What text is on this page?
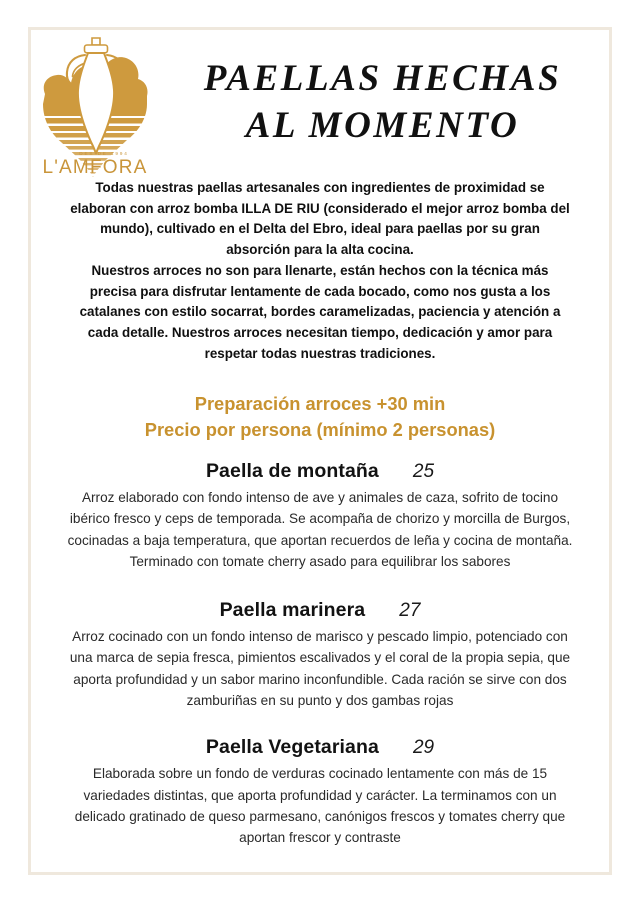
DES DE 1994
L'AMFORA
PAELLAS HECHAS
AL MOMENTO

Todas nuestras paellas artesanales con ingredientes de proximidad se elaboran con arroz bomba ILLA DE RIU (considerado el mejor arroz bomba del mundo), cultivado en el Delta del Ebro, ideal para paellas por su gran absorción para la alta cocina.

Nuestros arroces no son para llenarte, están hechos con la técnica más precisa para disfrutar lentamente de cada bocado, como nos gusta a los catalanes con estilo socarrat, bordes caramelizadas, paciencia y atención a cada detalle. Nuestros arroces necesitan tiempo, dedicación y amor para respetar todas nuestras tradiciones.

Preparación arroces +30 min
Precio por persona (mínimo 2 personas)
Paella de montaña 25
Arroz elaborado con fondo intenso de ave y animales de caza, sofrito de tocino ibérico fresco y ceps de temporada. Se acompaña de chorizo y morcilla de Burgos, cocinadas a baja temperatura, que aportan recuerdos de leña y cocina de montaña. Terminado con tomate cherry asado para equilibrar los sabores
Paella marinera 27
Arroz cocinado con un fondo intenso de marisco y pescado limpio, potenciado con una marca de sepia fresca, pimientos escalivados y el coral de la propia sepia, que aporta profundidad y un sabor marino inconfundible. Cada ración se sirve con dos zamburiñas en su punto y dos gambas rojas
Paella Vegetariana 29
Elaborada sobre un fondo de verduras cocinado lentamente con más de 15 variedades distintas, que aporta profundidad y carácter. La terminamos con un delicado gratinado de queso parmesano, canónigos frescos y tomates cherry que aportan frescor y contraste
